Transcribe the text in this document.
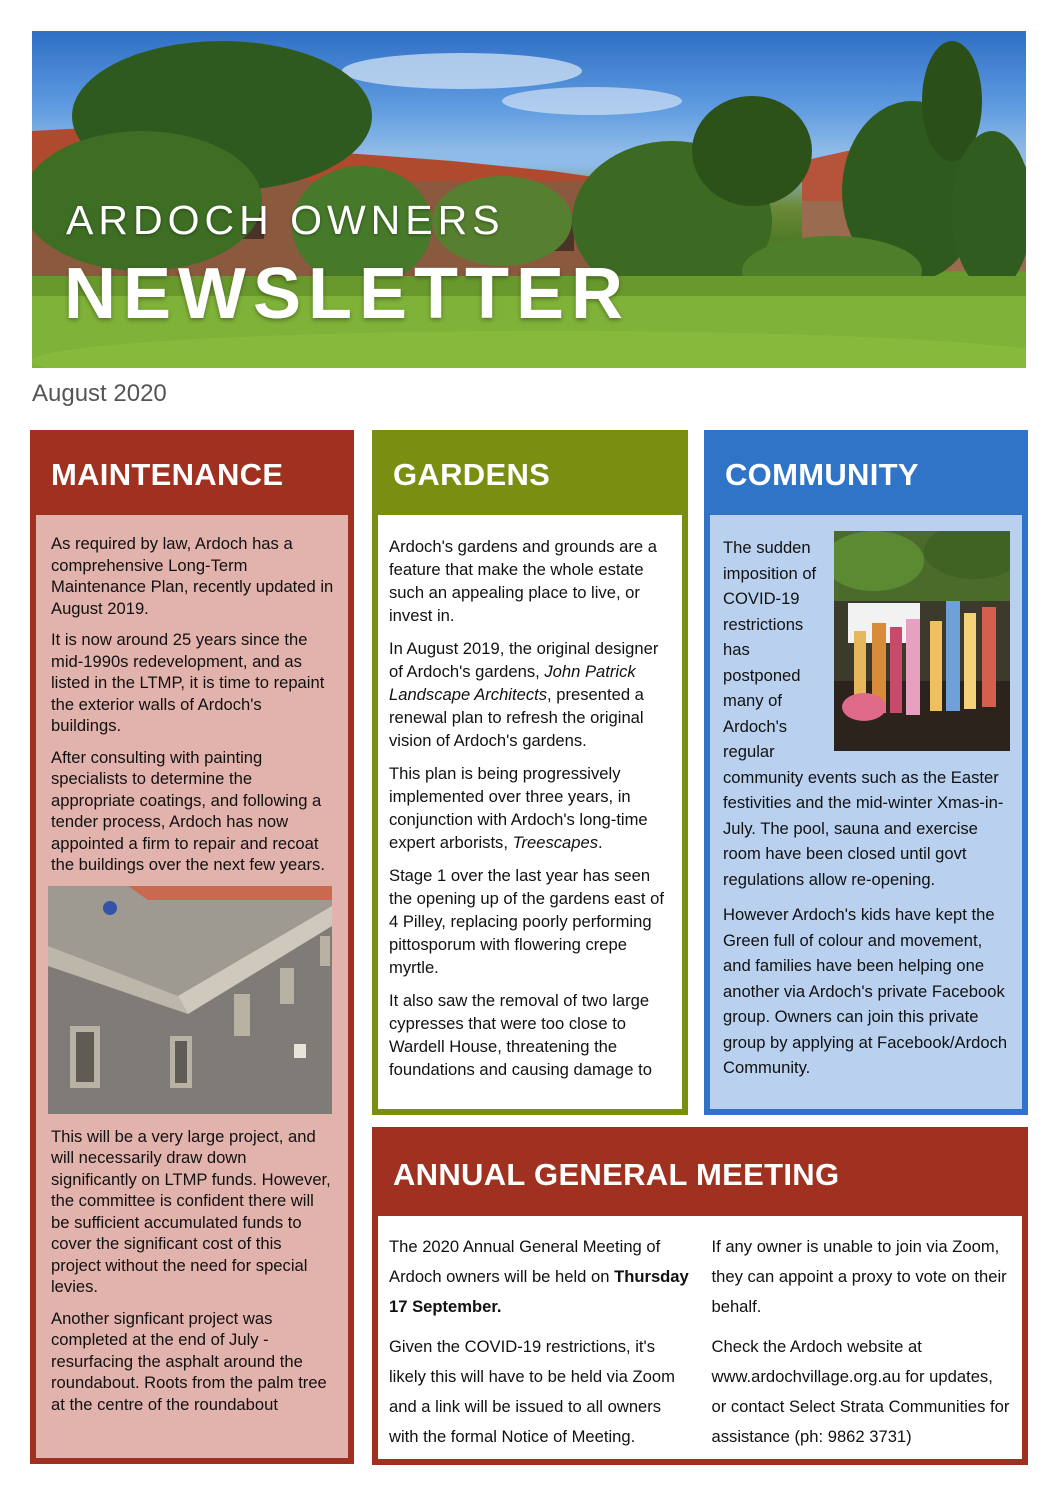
ARDOCH OWNERS
NEWSLETTER
August 2020
MAINTENANCE

As required by law, Ardoch has a comprehensive Long-Term Maintenance Plan, recently updated in August 2019.

It is now around 25 years since the mid-1990s redevelopment, and as listed in the LTMP, it is time to repaint the exterior walls of Ardoch's buildings.

After consulting with painting specialists to determine the appropriate coatings, and following a tender process, Ardoch has now appointed a firm to repair and recoat the buildings over the next few years.

This will be a very large project, and will necessarily draw down significantly on LTMP funds. However, the committee is confident there will be sufficient accumulated funds to cover the significant cost of this project without the need for special levies.

Another signficant project was completed at the end of July - resurfacing the asphalt around the roundabout. Roots from the palm tree at the centre of the roundabout

GARDENS

Ardoch's gardens and grounds are a feature that make the whole estate such an appealing place to live, or invest in.

In August 2019, the original designer of Ardoch's gardens, John Patrick Landscape Architects, presented a renewal plan to refresh the original vision of Ardoch's gardens.

This plan is being progressively implemented over three years, in conjunction with Ardoch's long-time expert arborists, Treescapes.

Stage 1 over the last year has seen the opening up of the gardens east of 4 Pilley, replacing poorly performing pittosporum with flowering crepe myrtle.

It also saw the removal of two large cypresses that were too close to Wardell House, threatening the foundations and causing damage to

COMMUNITY

The sudden imposition of COVID-19 restrictions has postponed many of Ardoch's regular community events such as the Easter festivities and the mid-winter Xmas-in-July. The pool, sauna and exercise room have been closed until govt regulations allow re-opening.

However Ardoch's kids have kept the Green full of colour and movement, and families have been helping one another via Ardoch's private Facebook group. Owners can join this private group by applying at Facebook/Ardoch Community.

ANNUAL GENERAL MEETING

The 2020 Annual General Meeting of Ardoch owners will be held on Thursday 17 September.

Given the COVID-19 restrictions, it's likely this will have to be held via Zoom and a link will be issued to all owners with the formal Notice of Meeting.

If any owner is unable to join via Zoom, they can appoint a proxy to vote on their behalf.

Check the Ardoch website at www.ardochvillage.org.au for updates, or contact Select Strata Communities for assistance (ph: 9862 3731)
